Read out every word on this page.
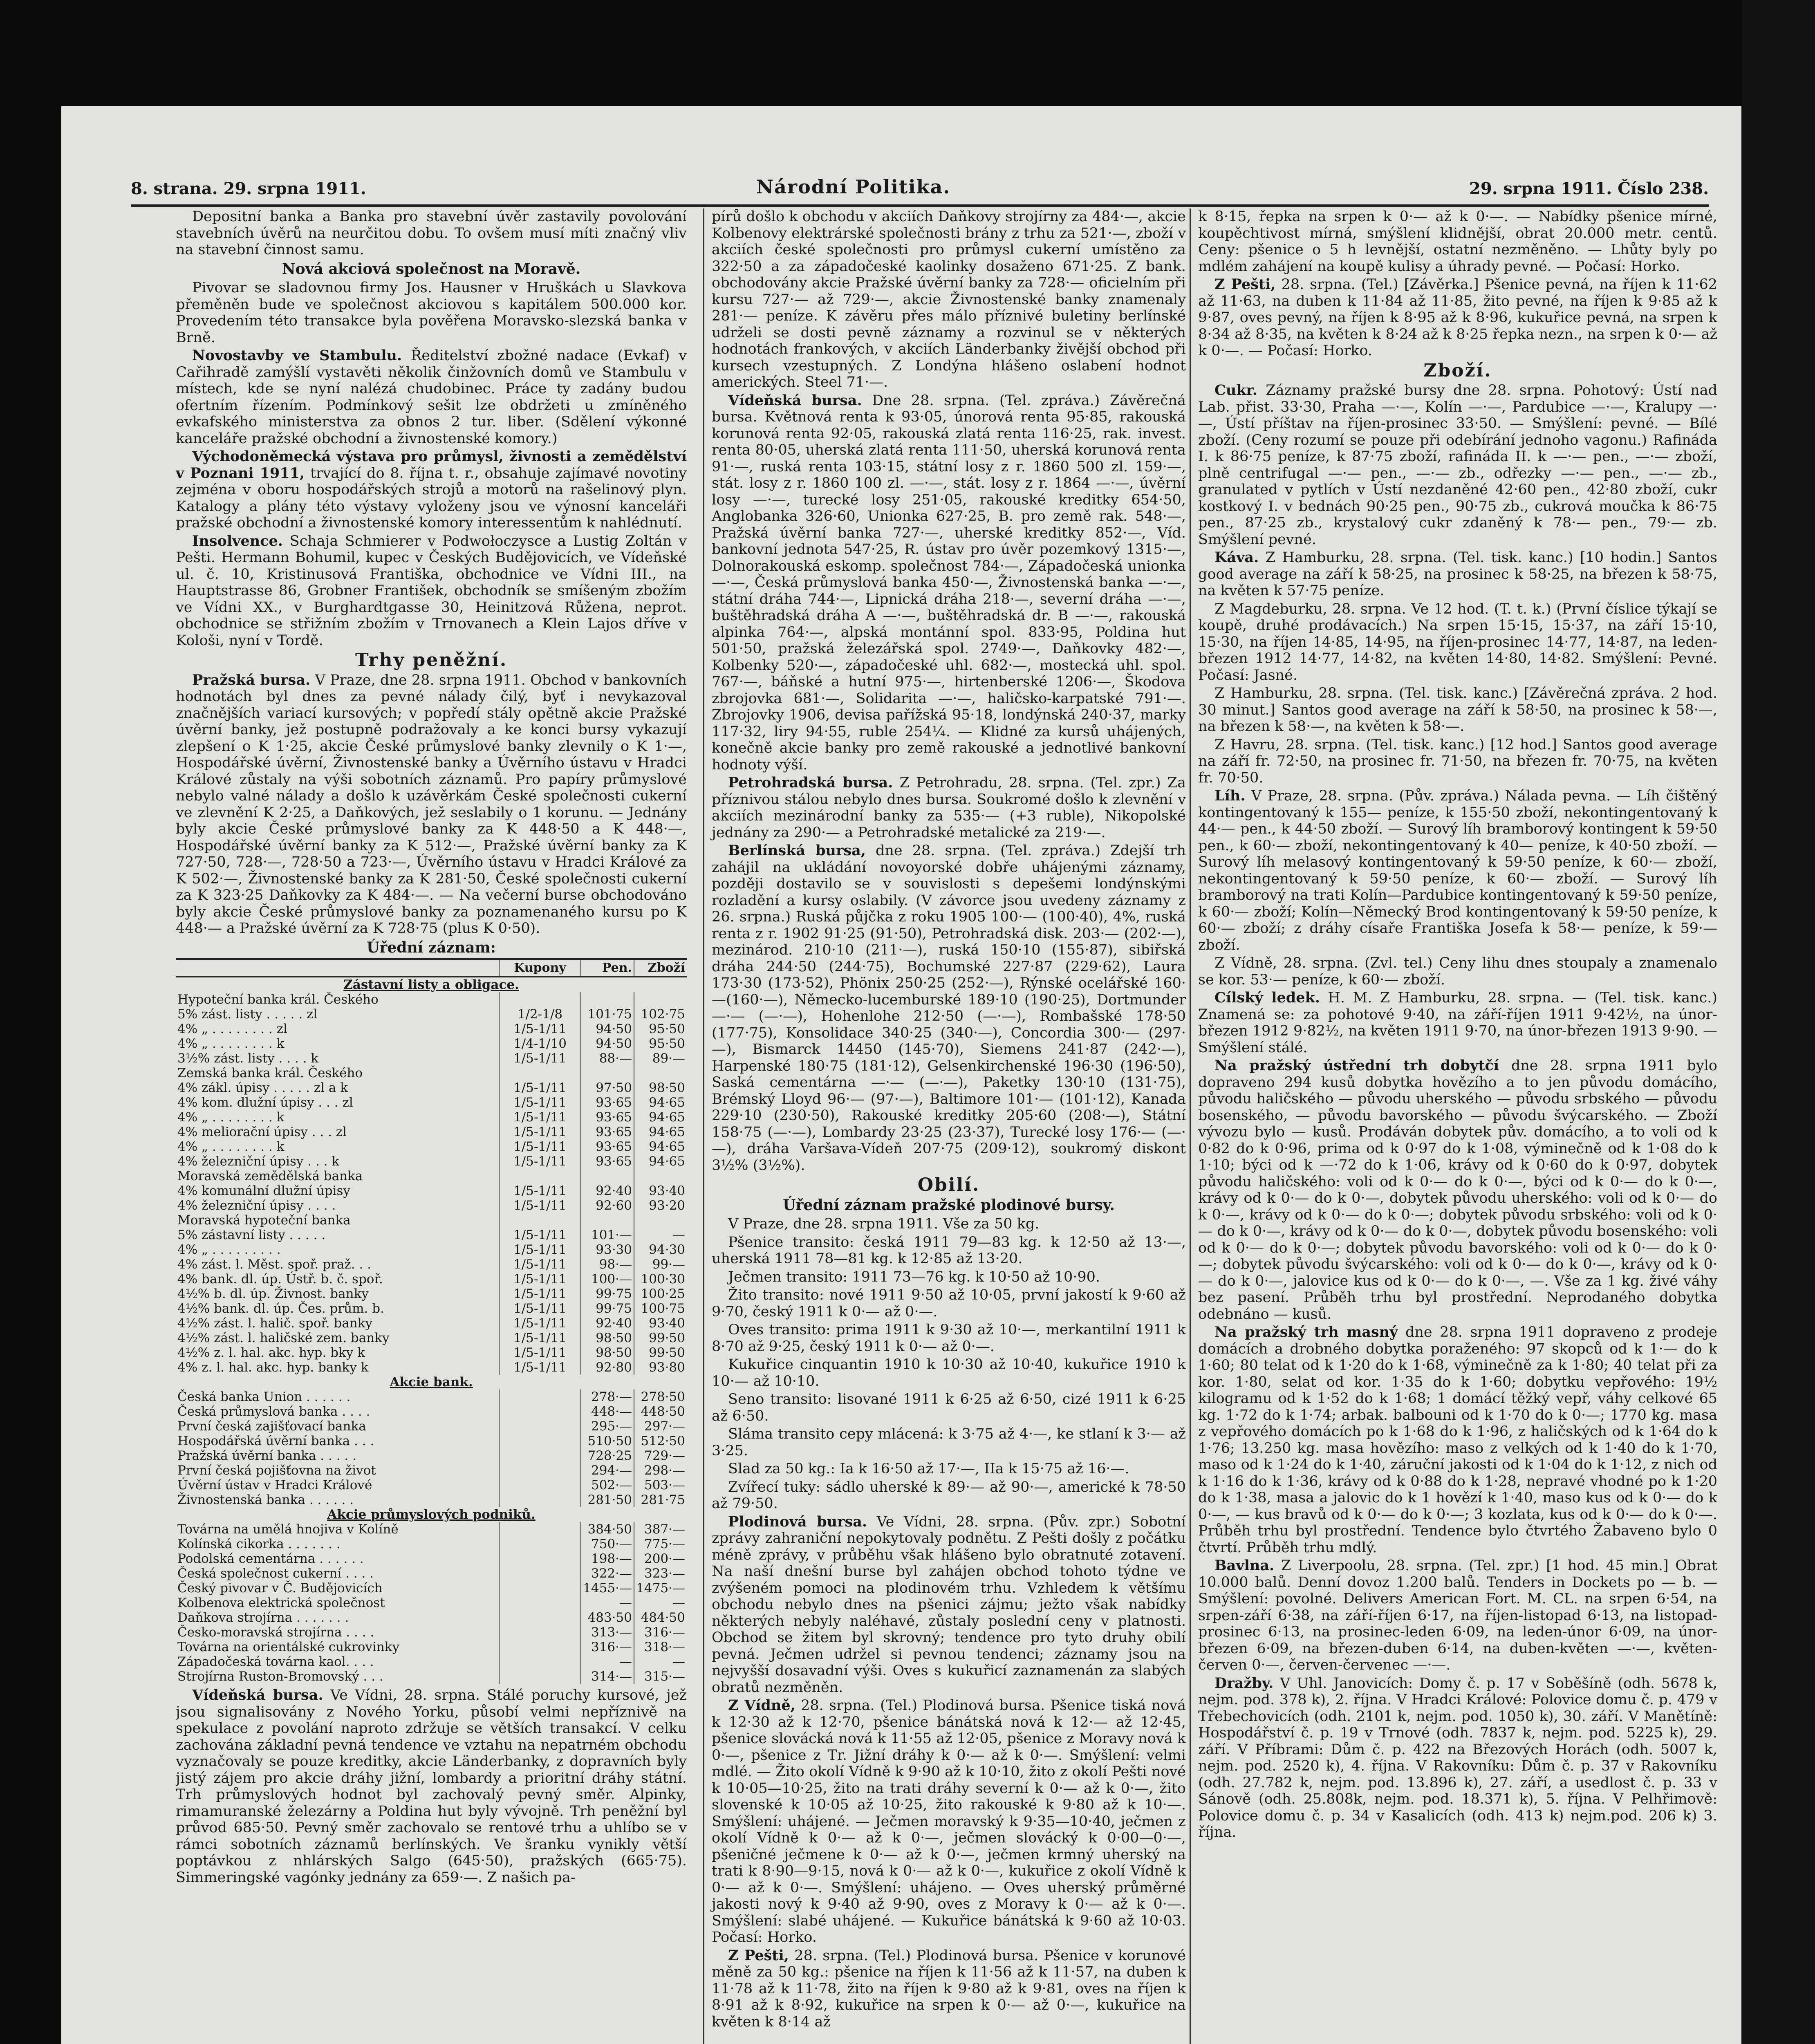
8. strana. 29. srpna 1911.	Národní Politika.	29. srpna 1911. Číslo 238.

Depositní banka a Banka pro stavební úvěr zastavily povolování stavebních úvěrů na neurčitou dobu. To ovšem musí míti značný vliv na stavební činnost samu.

Nová akciová společnost na Moravě.

Pivovar se sladovnou firmy Jos. Hausner v Hruškách u Slavkova přeměněn bude ve společnost akciovou s kapitálem 500.000 kor. Provedením této transakce byla pověřena Moravsko-slezská banka v Brně.

Novostavby ve Stambulu. Ředitelství zbožné nadace (Evkaf) v Cařihradě zamýšlí vystavěti několik činžovních domů ve Stambulu v místech, kde se nyní nalézá chudobinec. Práce ty zadány budou ofertním řízením. Podmínkový sešit lze obdržeti u zmíněného evkafského ministerstva za obnos 2 tur. liber. (Sdělení výkonné kanceláře pražské obchodní a živnostenské komory.)

Východoněmecká výstava pro průmysl, živnosti a zemědělství v Poznani 1911, trvající do 8. října t. r., obsahuje zajímavé novotiny zejména v oboru hospodářských strojů a motorů na rašelinový plyn. Katalogy a plány této výstavy vyloženy jsou ve výnosní kanceláři pražské obchodní a živnostenské komory interessentům k nahlédnutí.

Insolvence. Schaja Schmierer v Podwołoczysce a Lustig Zoltán v Pešti. Hermann Bohumil, kupec v Českých Budějovicích, ve Vídeňské ul. č. 10, Kristinusová Františka, obchodnice ve Vídni III., na Hauptstrasse 86, Grobner František, obchodník se smíšeným zbožím ve Vídni XX., v Burghardtgasse 30, Heinitzová Růžena, neprot. obchodnice se střižním zbožím v Trnovanech a Klein Lajos dříve v Kološi, nyní v Tordě.

Trhy peněžní.

Pražská bursa. V Praze, dne 28. srpna 1911. Obchod v bankovních hodnotách byl dnes za pevné nálady čilý, byť i nevykazoval značnějších variací kursových; v popředí stály opětně akcie Pražské úvěrní banky, jež postupně podražovaly a ke konci bursy vykazují zlepšení o K 1·25, akcie České průmyslové banky zlevnily o K 1·—, Hospodářské úvěrní, Živnostenské banky a Úvěrního ústavu v Hradci Králové zůstaly na výši sobotních záznamů. Pro papíry průmyslové nebylo valné nálady a došlo k uzávěrkám České společnosti cukerní ve zlevnění K 2·25, a Daňkových, jež seslabily o 1 korunu. — Jednány byly akcie České průmyslové banky za K 448·50 a K 448·—, Hospodářské úvěrní banky za K 512·—, Pražské úvěrní banky za K 727·50, 728·—, 728·50 a 723·—, Úvěrního ústavu v Hradci Králové za K 502·—, Živnostenské banky za K 281·50, České společnosti cukerní za K 323·25 Daňkovky za K 484·—. — Na večerní burse obchodováno byly akcie České průmyslové banky za poznamenaného kursu po K 448·— a Pražské úvěrní za K 728·75 (plus K 0·50).

Úřední záznam:
	Kupony	Pen.	Zboží
Zástavní listy a obligace.			
Hypoteční banka král. Českého			
5% zást. listy . . . . . zl	1/2-1/8	101·75	102·75
4% „ . . . . . . . . zl	1/5-1/11	94·50	95·50
4% „ . . . . . . . . k	1/4-1/10	94·50	95·50
3½% zást. listy . . . . k	1/5-1/11	88·—	89·—
Zemská banka král. Českého			
4% zákl. úpisy . . . . . zl a k	1/5-1/11	97·50	98·50
4% kom. dlužní úpisy . . . zl	1/5-1/11	93·65	94·65
4% „ . . . . . . . . k	1/5-1/11	93·65	94·65
4% meliorační úpisy . . . zl	1/5-1/11	93·65	94·65
4% „ . . . . . . . . k	1/5-1/11	93·65	94·65
4% železniční úpisy . . . k	1/5-1/11	93·65	94·65
Moravská zemědělská banka			
4% komunální dlužní úpisy	1/5-1/11	92·40	93·40
4% železniční úpisy . . . .	1/5-1/11	92·60	93·20
Moravská hypoteční banka			
5% zástavní listy . . . . .	1/5-1/11	101·—	—
4% „ . . . . . . . . .	1/5-1/11	93·30	94·30
4% zást. l. Měst. spoř. praž. . .	1/5-1/11	98·—	99·—
4% bank. dl. úp. Ústř. b. č. spoř.	1/5-1/11	100·—	100·30
4½% b. dl. úp. Živnost. banky	1/5-1/11	99·75	100·25
4½% bank. dl. úp. Čes. prům. b.	1/5-1/11	99·75	100·75
4½% zást. l. halič. spoř. banky	1/5-1/11	92·40	93·40
4½% zást. l. haličské zem. banky	1/5-1/11	98·50	99·50
4½% z. l. hal. akc. hyp. bky k	1/5-1/11	98·50	99·50
4% z. l. hal. akc. hyp. banky k	1/5-1/11	92·80	93·80
Akcie bank.			
Česká banka Union . . . . . .		278·—	278·50
Česká průmyslová banka . . . .		448·—	448·50
První česká zajišťovací banka		295·—	297·—
Hospodářská úvěrní banka . . .		510·50	512·50
Pražská úvěrní banka . . . . .		728·25	729·—
První česká pojišťovna na život		294·—	298·—
Úvěrní ústav v Hradci Králové		502·—	503·—
Živnostenská banka . . . . . .		281·50	281·75
Akcie průmyslových podniků.			
Továrna na umělá hnojiva v Kolíně		384·50	387·—
Kolínská cikorka . . . . . . .		750·—	775·—
Podolská cementárna . . . . . .		198·—	200·—
Česká společnost cukerní . . . .		322·—	323·—
Český pivovar v Č. Budějovicích		1455·—	1475·—
Kolbenova elektrická společnost		—	—
Daňkova strojírna . . . . . . .		483·50	484·50
Česko-moravská strojírna . . . .		313·—	316·—
Továrna na orientálské cukrovinky		316·—	318·—
Západočeská továrna kaol. . . .		—	—
Strojírna Ruston-Bromovský . . .		314·—	315·—

Vídeňská bursa. Ve Vídni, 28. srpna. Stálé poruchy kursové, jež jsou signalisovány z Nového Yorku, působí velmi nepříznivě na spekulace z povolání naproto zdržuje se větších transakcí. V celku zachována základní pevná tendence ve vztahu na nepatrném obchodu vyznačovaly se pouze kreditky, akcie Länderbanky, z dopravních byly jistý zájem pro akcie dráhy jižní, lombardy a prioritní dráhy státní. Trh průmyslových hodnot byl zachovalý pevný směr. Alpinky, rimamuranské železárny a Poldina hut byly vývojně. Trh peněžní byl průvod 685·50. Pevný směr zachovalo se rentové trhu a uhlíbo se v rámci sobotních záznamů berlínských. Ve šranku vynikly větší poptávkou z nhlárských Salgo (645·50), pražských (665·75). Simmeringské vagónky jednány za 659·—. Z našich pa-

pírů došlo k obchodu v akciích Daňkovy strojírny za 484·—, akcie Kolbenovy elektrárské společnosti brány z trhu za 521·—, zboží v akciích české společnosti pro průmysl cukerní umístěno za 322·50 a za západočeské kaolinky dosaženo 671·25. Z bank. obchodovány akcie Pražské úvěrní banky za 728·— oficielním při kursu 727·— až 729·—, akcie Živnostenské banky znamenaly 281·— peníze. K závěru přes málo příznivé buletiny berlínské udrželi se dosti pevně záznamy a rozvinul se v některých hodnotách frankových, v akciích Länderbanky živější obchod při kursech vzestupných. Z Londýna hlášeno oslabení hodnot amerických. Steel 71·—.

Vídeňská bursa. Dne 28. srpna. (Tel. zpráva.) Závěrečná bursa. Květnová renta k 93·05, únorová renta 95·85, rakouská korunová renta 92·05, rakouská zlatá renta 116·25, rak. invest. renta 80·05, uherská zlatá renta 111·50, uherská korunová renta 91·—, ruská renta 103·15, státní losy z r. 1860 500 zl. 159·—, stát. losy z r. 1860 100 zl. —·—, stát. losy z r. 1864 —·—, úvěrní losy —·—, turecké losy 251·05, rakouské kreditky 654·50, Anglobanka 326·60, Unionka 627·25, B. pro země rak. 548·—, Pražská úvěrní banka 727·—, uherské kreditky 852·—, Víd. bankovní jednota 547·25, R. ústav pro úvěr pozemkový 1315·—, Dolnorakouská eskomp. společnost 784·—, Západočeská unionka —·—, Česká průmyslová banka 450·—, Živnostenská banka —·—, státní dráha 744·—, Lipnická dráha 218·—, severní dráha —·—, buštěhradská dráha A —·—, buštěhradská dr. B —·—, rakouská alpinka 764·—, alpská montánní spol. 833·95, Poldina hut 501·50, pražská železářská spol. 2749·—, Daňkovky 482·—, Kolbenky 520·—, západočeské uhl. 682·—, mostecká uhl. spol. 767·—, báňské a hutní 975·—, hirtenberské 1206·—, Škodova zbrojovka 681·—, Solidarita —·—, haličsko-karpatské 791·—. Zbrojovky 1906, devisa pařížská 95·18, londýnská 240·37, marky 117·32, liry 94·55, ruble 254¼. — Klidné za kursů uhájených, konečně akcie banky pro země rakouské a jednotlivé bankovní hodnoty výší.

Petrohradská bursa. Z Petrohradu, 28. srpna. (Tel. zpr.) Za příznivou stálou nebylo dnes bursa. Soukromé došlo k zlevnění v akciích mezinárodní banky za 535·— (+3 ruble), Nikopolské jednány za 290·— a Petrohradské metalické za 219·—.

Berlínská bursa, dne 28. srpna. (Tel. zpráva.) Zdejší trh zahájil na ukládání novoyorské dobře uhájenými záznamy, později dostavilo se v souvislosti s depešemi londýnskými rozladění a kursy oslabily. (V závorce jsou uvedeny záznamy z 26. srpna.) Ruská půjčka z roku 1905 100·— (100·40), 4%, ruská renta z r. 1902 91·25 (91·50), Petrohradská disk. 203·— (202·—), mezinárod. 210·10 (211·—), ruská 150·10 (155·87), sibiřská dráha 244·50 (244·75), Bochumské 227·87 (229·62), Laura 173·30 (173·52), Phönix 250·25 (252·—), Rýnské ocelářské 160·—(160·—), Německo-lucemburské 189·10 (190·25), Dortmunder —·— (—·—), Hohenlohe 212·50 (—·—), Rombašské 178·50 (177·75), Konsolidace 340·25 (340·—), Concordia 300·— (297·—), Bismarck 14450 (145·70), Siemens 241·87 (242·—), Harpenské 180·75 (181·12), Gelsenkirchenské 196·30 (196·50), Saská cementárna —·— (—·—), Paketky 130·10 (131·75), Brémský Lloyd 96·— (97·—), Baltimore 101·— (101·12), Kanada 229·10 (230·50), Rakouské kreditky 205·60 (208·—), Státní 158·75 (—·—), Lombardy 23·25 (23·37), Turecké losy 176·— (—·—), dráha Varšava-Vídeň 207·75 (209·12), soukromý diskont 3½% (3½%).

Obilí.
Úřední záznam pražské plodinové bursy.

V Praze, dne 28. srpna 1911. Vše za 50 kg.

Pšenice transito: česká 1911 79—83 kg. k 12·50 až 13·—, uherská 1911 78—81 kg. k 12·85 až 13·20.

Ječmen transito: 1911 73—76 kg. k 10·50 až 10·90.

Žito transito: nové 1911 9·50 až 10·05, první jakostí k 9·60 až 9·70, český 1911 k 0·— až 0·—.

Oves transito: prima 1911 k 9·30 až 10·—, merkantilní 1911 k 8·70 až 9·25, český 1911 k 0·— až 0·—.

Kukuřice cinquantin 1910 k 10·30 až 10·40, kukuřice 1910 k 10·— až 10·10.

Seno transito: lisované 1911 k 6·25 až 6·50, cizé 1911 k 6·25 až 6·50.

Sláma transito cepy mlácená: k 3·75 až 4·—, ke stlaní k 3·— až 3·25.

Slad za 50 kg.: Ia k 16·50 až 17·—, IIa k 15·75 až 16·—.

Zvířecí tuky: sádlo uherské k 89·— až 90·—, americké k 78·50 až 79·50.

Plodinová bursa. Ve Vídni, 28. srpna. (Pův. zpr.) Sobotní zprávy zahraniční nepokytovaly podnětu. Z Pešti došly z počátku méně zprávy, v průběhu však hlášeno bylo obratnuté zotavení. Na naší dnešní burse byl zahájen obchod tohoto týdne ve zvýšeném pomoci na plodinovém trhu. Vzhledem k většímu obchodu nebylo dnes na pšenici zájmu; ježto však nabídky některých nebyly naléhavé, zůstaly poslední ceny v platnosti. Obchod se žitem byl skrovný; tendence pro tyto druhy obilí pevná. Ječmen udržel si pevnou tendenci; záznamy jsou na nejvyšší dosavadní výši. Oves s kukuřicí zaznamenán za slabých obratů nezměněn.

Z Vídně, 28. srpna. (Tel.) Plodinová bursa. Pšenice tiská nová k 12·30 až k 12·70, pšenice bánátská nová k 12·— až 12·45, pšenice slovácká nová k 11·55 až 12·05, pšenice z Moravy nová k 0·—, pšenice z Tr. Jižní dráhy k 0·— až k 0·—. Smýšlení: velmi mdlé. — Žito okolí Vídně k 9·90 až k 10·10, žito z okolí Pešti nové k 10·05—10·25, žito na trati dráhy severní k 0·— až k 0·—, žito slovenské k 10·05 až 10·25, žito rakouské k 9·80 až k 10·—. Smýšlení: uhájené. — Ječmen moravský k 9·35—10·40, ječmen z okolí Vídně k 0·— až k 0·—, ječmen slovácký k 0·00—0·—, pšeničné ječmene k 0·— až k 0·—, ječmen krmný uherský na trati k 8·90—9·15, nová k 0·— až k 0·—, kukuřice z okolí Vídně k 0·— až k 0·—. Smýšlení: uhájeno. — Oves uherský průměrné jakosti nový k 9·40 až 9·90, oves z Moravy k 0·— až k 0·—. Smýšlení: slabé uhájené. — Kukuřice bánátská k 9·60 až 10·03. Počasí: Horko.

Z Pešti, 28. srpna. (Tel.) Plodinová bursa. Pšenice v korunové měně za 50 kg.: pšenice na říjen k 11·56 až k 11·57, na duben k 11·78 až k 11·78, žito na říjen k 9·80 až k 9·81, oves na říjen k 8·91 až k 8·92, kukuřice na srpen k 0·— až 0·—, kukuřice na květen k 8·14 až

k 8·15, řepka na srpen k 0·— až k 0·—. — Nabídky pšenice mírné, koupěchtivost mírná, smýšlení klidnější, obrat 20.000 metr. centů. Ceny: pšenice o 5 h levnější, ostatní nezměněno. — Lhůty byly po mdlém zahájení na koupě kulisy a úhrady pevné. — Počasí: Horko.

Z Pešti, 28. srpna. (Tel.) [Závěrka.] Pšenice pevná, na říjen k 11·62 až 11·63, na duben k 11·84 až 11·85, žito pevné, na říjen k 9·85 až k 9·87, oves pevný, na říjen k 8·95 až k 8·96, kukuřice pevná, na srpen k 8·34 až 8·35, na květen k 8·24 až k 8·25 řepka nezn., na srpen k 0·— až k 0·—. — Počasí: Horko.

Zboží.

Cukr. Záznamy pražské bursy dne 28. srpna. Pohotový: Ústí nad Lab. přist. 33·30, Praha —·—, Kolín —·—, Pardubice —·—, Kralupy —·—, Ústí příštav na říjen-prosinec 33·50. — Smýšlení: pevné. — Bílé zboží. (Ceny rozumí se pouze při odebírání jednoho vagonu.) Rafináda I. k 86·75 peníze, k 87·75 zboží, rafináda II. k —·— pen., —·— zboží, plně centrifugal —·— pen., —·— zb., odřezky —·— pen., —·— zb., granulated v pytlích v Ústí nezdaněné 42·60 pen., 42·80 zboží, cukr kostkový I. v bednách 90·25 pen., 90·75 zb., cukrová moučka k 86·75 pen., 87·25 zb., krystalový cukr zdaněný k 78·— pen., 79·— zb. Smýšlení pevné.

Káva. Z Hamburku, 28. srpna. (Tel. tisk. kanc.) [10 hodin.] Santos good average na září k 58·25, na prosinec k 58·25, na březen k 58·75, na květen k 57·75 peníze.

Z Magdeburku, 28. srpna. Ve 12 hod. (T. t. k.) (První číslice týkají se koupě, druhé prodávacích.) Na srpen 15·15, 15·37, na září 15·10, 15·30, na říjen 14·85, 14·95, na říjen-prosinec 14·77, 14·87, na leden-březen 1912 14·77, 14·82, na květen 14·80, 14·82. Smýšlení: Pevné. Počasí: Jasné.

Z Hamburku, 28. srpna. (Tel. tisk. kanc.) [Závěrečná zpráva. 2 hod. 30 minut.] Santos good average na září k 58·50, na prosinec k 58·—, na březen k 58·—, na květen k 58·—.

Z Havru, 28. srpna. (Tel. tisk. kanc.) [12 hod.] Santos good average na září fr. 72·50, na prosinec fr. 71·50, na březen fr. 70·75, na květen fr. 70·50.

Líh. V Praze, 28. srpna. (Pův. zpráva.) Nálada pevna. — Líh čištěný kontingentovaný k 155— peníze, k 155·50 zboží, nekontingentovaný k 44·— pen., k 44·50 zboží. — Surový líh bramborový kontingent k 59·50 pen., k 60·— zboží, nekontingentovaný k 40— peníze, k 40·50 zboží. — Surový líh melasový kontingentovaný k 59·50 peníze, k 60·— zboží, nekontingentovaný k 59·50 peníze, k 60·— zboží. — Surový líh bramborový na trati Kolín—Pardubice kontingentovaný k 59·50 peníze, k 60·— zboží; Kolín—Německý Brod kontingentovaný k 59·50 peníze, k 60·— zboží; z dráhy císaře Františka Josefa k 58·— peníze, k 59·— zboží.

Z Vídně, 28. srpna. (Zvl. tel.) Ceny lihu dnes stoupaly a znamenalo se kor. 53·— peníze, k 60·— zboží.

Cílský ledek. H. M. Z Hamburku, 28. srpna. — (Tel. tisk. kanc.) Znamená se: za pohotové 9·40, na září-říjen 1911 9·42½, na únor-březen 1912 9·82½, na květen 1911 9·70, na únor-březen 1913 9·90. — Smýšlení stálé.

Na pražský ústřední trh dobytčí dne 28. srpna 1911 bylo dopraveno 294 kusů dobytka hovězího a to jen původu domácího, původu haličského — původu uherského — původu srbského — původu bosenského, — původu bavorského — původu švýcarského. — Zboží vývozu bylo — kusů. Prodáván dobytek pův. domácího, a to voli od k 0·82 do k 0·96, prima od k 0·97 do k 1·08, výminečně od k 1·08 do k 1·10; býci od k —·72 do k 1·06, krávy od k 0·60 do k 0·97, dobytek původu haličského: voli od k 0·— do k 0·—, býci od k 0·— do k 0·—, krávy od k 0·— do k 0·—, dobytek původu uherského: voli od k 0·— do k 0·—, krávy od k 0·— do k 0·—; dobytek původu srbského: voli od k 0·— do k 0·—, krávy od k 0·— do k 0·—, dobytek původu bosenského: voli od k 0·— do k 0·—; dobytek původu bavorského: voli od k 0·— do k 0·—; dobytek původu švýcarského: voli od k 0·— do k 0·—, krávy od k 0·— do k 0·—, jalovice kus od k 0·— do k 0·—, —. Vše za 1 kg. živé váhy bez pasení. Průběh trhu byl prostřední. Neprodaného dobytka odebnáno — kusů.

Na pražský trh masný dne 28. srpna 1911 dopraveno z prodeje domácích a drobného dobytka poraženého: 97 skopců od k 1·— do k 1·60; 80 telat od k 1·20 do k 1·68, výminečně za k 1·80; 40 telat při za kor. 1·80, selat od kor. 1·35 do k 1·60; dobytku vepřového: 19½ kilogramu od k 1·52 do k 1·68; 1 domácí těžký vepř, váhy celkové 65 kg. 1·72 do k 1·74; arbak. balbouni od k 1·70 do k 0·—; 1770 kg. masa z vepřového domácích po k 1·68 do k 1·96, z haličských od k 1·64 do k 1·76; 13.250 kg. masa hovězího: maso z velkých od k 1·40 do k 1·70, maso od k 1·24 do k 1·40, záruční jakosti od k 1·04 do k 1·12, z nich od k 1·16 do k 1·36, krávy od k 0·88 do k 1·28, nepravé vhodné po k 1·20 do k 1·38, masa a jalovic do k 1 hovězí k 1·40, maso kus od k 0·— do k 0·—, — kus bravů od k 0·— do k 0·—; 3 kozlata, kus od k 0·— do k 0·—. Průběh trhu byl prostřední. Tendence bylo čtvrtého Žabaveno bylo 0 čtvrtí. Průběh trhu mdlý.

Bavlna. Z Liverpoolu, 28. srpna. (Tel. zpr.) [1 hod. 45 min.] Obrat 10.000 balů. Denní dovoz 1.200 balů. Tenders in Dockets po — b. — Smýšlení: povolné. Delivers American Fort. M. CL. na srpen 6·54, na srpen-září 6·38, na září-říjen 6·17, na říjen-listopad 6·13, na listopad-prosinec 6·13, na prosinec-leden 6·09, na leden-únor 6·09, na únor-březen 6·09, na březen-duben 6·14, na duben-květen —·—, květen-červen 0·—, červen-červenec —·—.

Dražby. V Uhl. Janovicích: Domy č. p. 17 v Soběšíně (odh. 5678 k, nejm. pod. 378 k), 2. října. V Hradci Králové: Polovice domu č. p. 479 v Třebechovicích (odh. 2101 k, nejm. pod. 1050 k), 30. září. V Manětíně: Hospodářství č. p. 19 v Trnové (odh. 7837 k, nejm. pod. 5225 k), 29. září. V Příbrami: Dům č. p. 422 na Březových Horách (odh. 5007 k, nejm. pod. 2520 k), 4. října. V Rakovníku: Dům č. p. 37 v Rakovníku (odh. 27.782 k, nejm. pod. 13.896 k), 27. září, a usedlost č. p. 33 v Sánově (odh. 25.808k, nejm. pod. 18.371 k), 5. října. V Pelhřimově: Polovice domu č. p. 34 v Kasalicích (odh. 413 k) nejm.pod. 206 k) 3. října.
